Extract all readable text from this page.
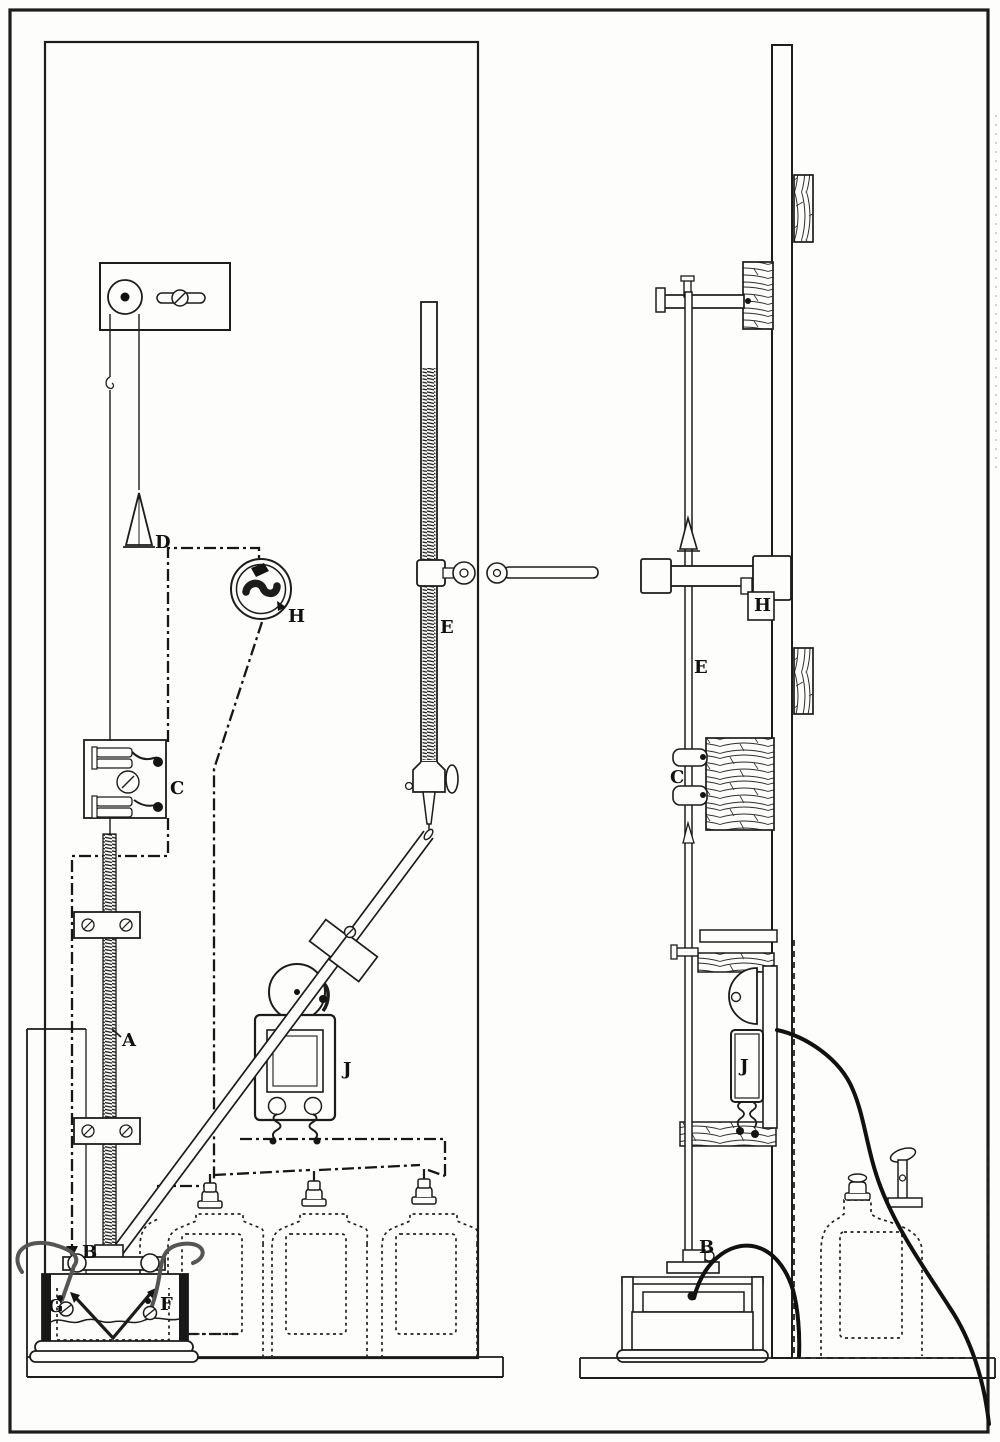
D
H
C
A
E
B
G	F
J
H
E
C
J
B
